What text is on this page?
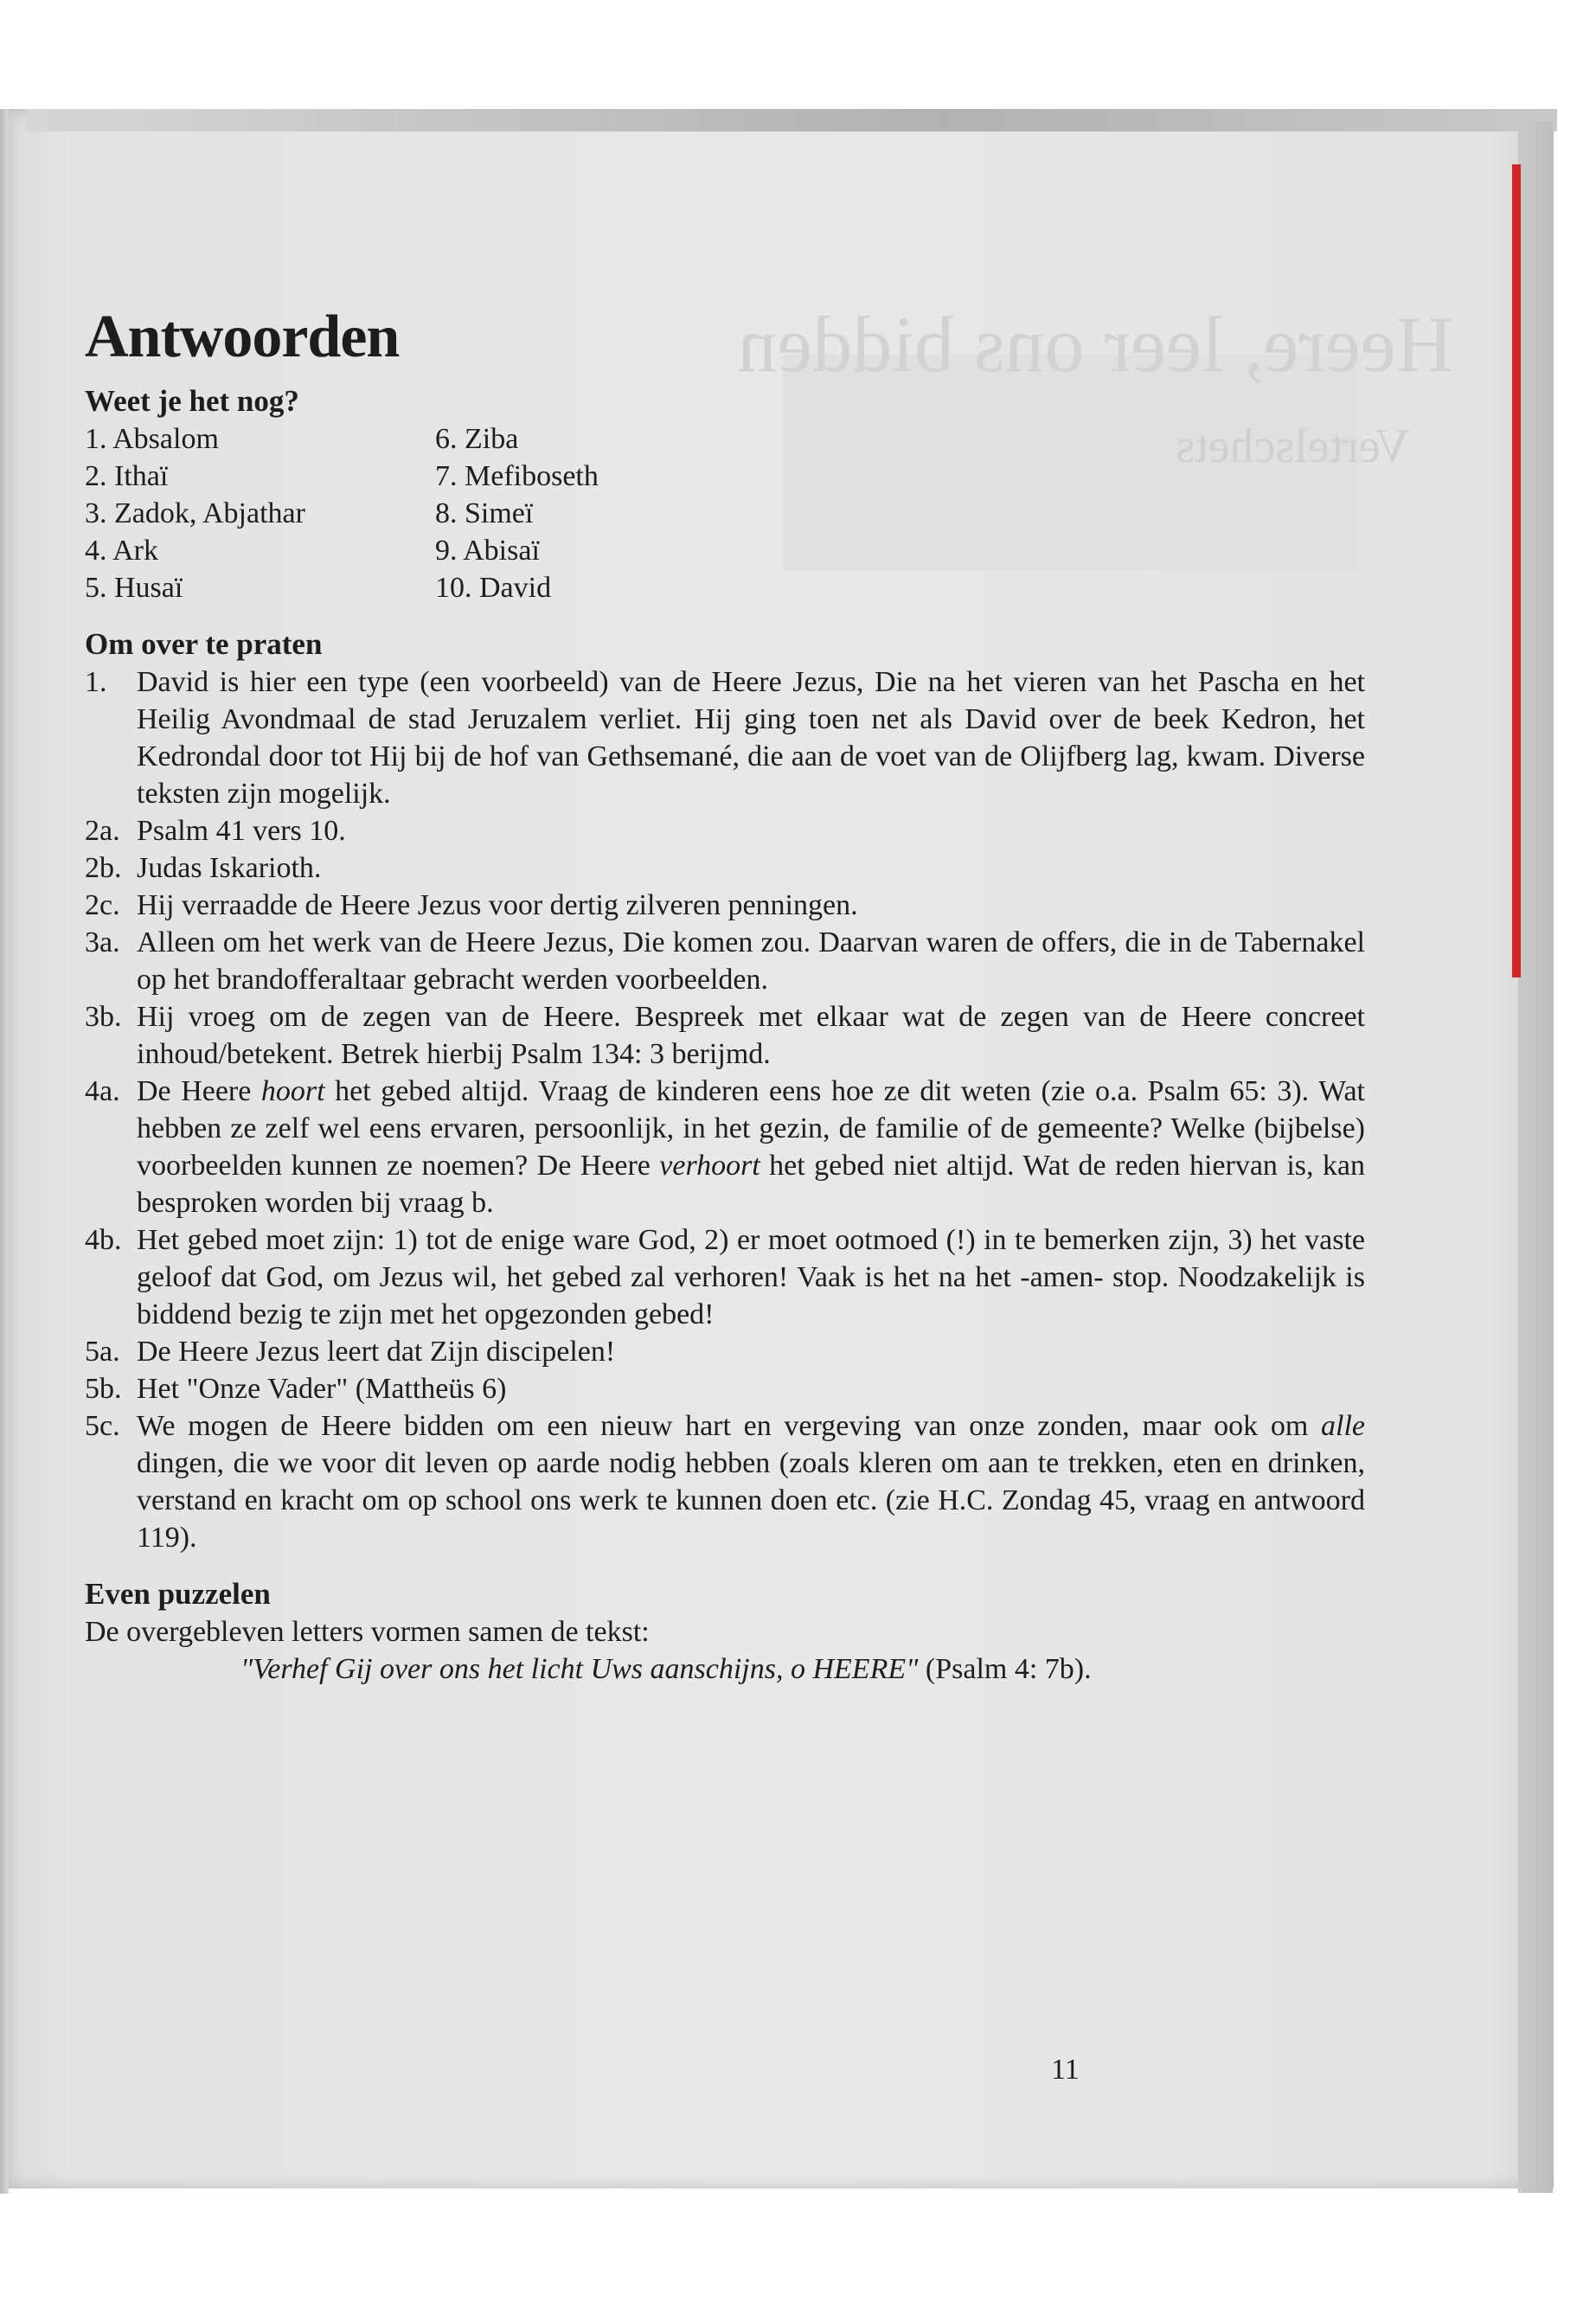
Heere, leer ons bidden
Vertelschets
Antwoorden
Weet je het nog?
1. Absalom	6. Ziba
2. Ithaï	7. Mefiboseth
3. Zadok, Abjathar	8. Simeï
4. Ark	9. Abisaï
5. Husaï	10. David
Om over te praten
1.	David is hier een type (een voorbeeld) van de Heere Jezus, Die na het vieren van het Pascha en het Heilig Avondmaal de stad Jeruzalem verliet. Hij ging toen net als David over de beek Kedron, het Kedrondal door tot Hij bij de hof van Gethsemané, die aan de voet van de Olijfberg lag, kwam. Diverse teksten zijn mogelijk.
2a. Psalm 41 vers 10.
2b. Judas Iskarioth.
2c. Hij verraadde de Heere Jezus voor dertig zilveren penningen.
3a. Alleen om het werk van de Heere Jezus, Die komen zou. Daarvan waren de offers, die in de Tabernakel op het brandofferaltaar gebracht werden voorbeelden.
3b. Hij vroeg om de zegen van de Heere. Bespreek met elkaar wat de zegen van de Heere concreet inhoud/betekent. Betrek hierbij Psalm 134: 3 berijmd.
4a. De Heere hoort het gebed altijd. Vraag de kinderen eens hoe ze dit weten (zie o.a. Psalm 65: 3). Wat hebben ze zelf wel eens ervaren, persoonlijk, in het gezin, de familie of de gemeente? Welke (bijbelse) voorbeelden kunnen ze noemen? De Heere verhoort het gebed niet altijd. Wat de reden hiervan is, kan besproken worden bij vraag b.
4b. Het gebed moet zijn: 1) tot de enige ware God, 2) er moet ootmoed (!) in te bemerken zijn, 3) het vaste geloof dat God, om Jezus wil, het gebed zal verhoren! Vaak is het na het -amen- stop. Noodzakelijk is biddend bezig te zijn met het opgezonden gebed!
5a. De Heere Jezus leert dat Zijn discipelen!
5b. Het "Onze Vader" (Mattheüs 6)
5c. We mogen de Heere bidden om een nieuw hart en vergeving van onze zonden, maar ook om alle dingen, die we voor dit leven op aarde nodig hebben (zoals kleren om aan te trekken, eten en drinken, verstand en kracht om op school ons werk te kunnen doen etc. (zie H.C. Zondag 45, vraag en antwoord 119).
Even puzzelen
De overgebleven letters vormen samen de tekst:
"Verhef Gij over ons het licht Uws aanschijns, o HEERE" (Psalm 4: 7b).
11
